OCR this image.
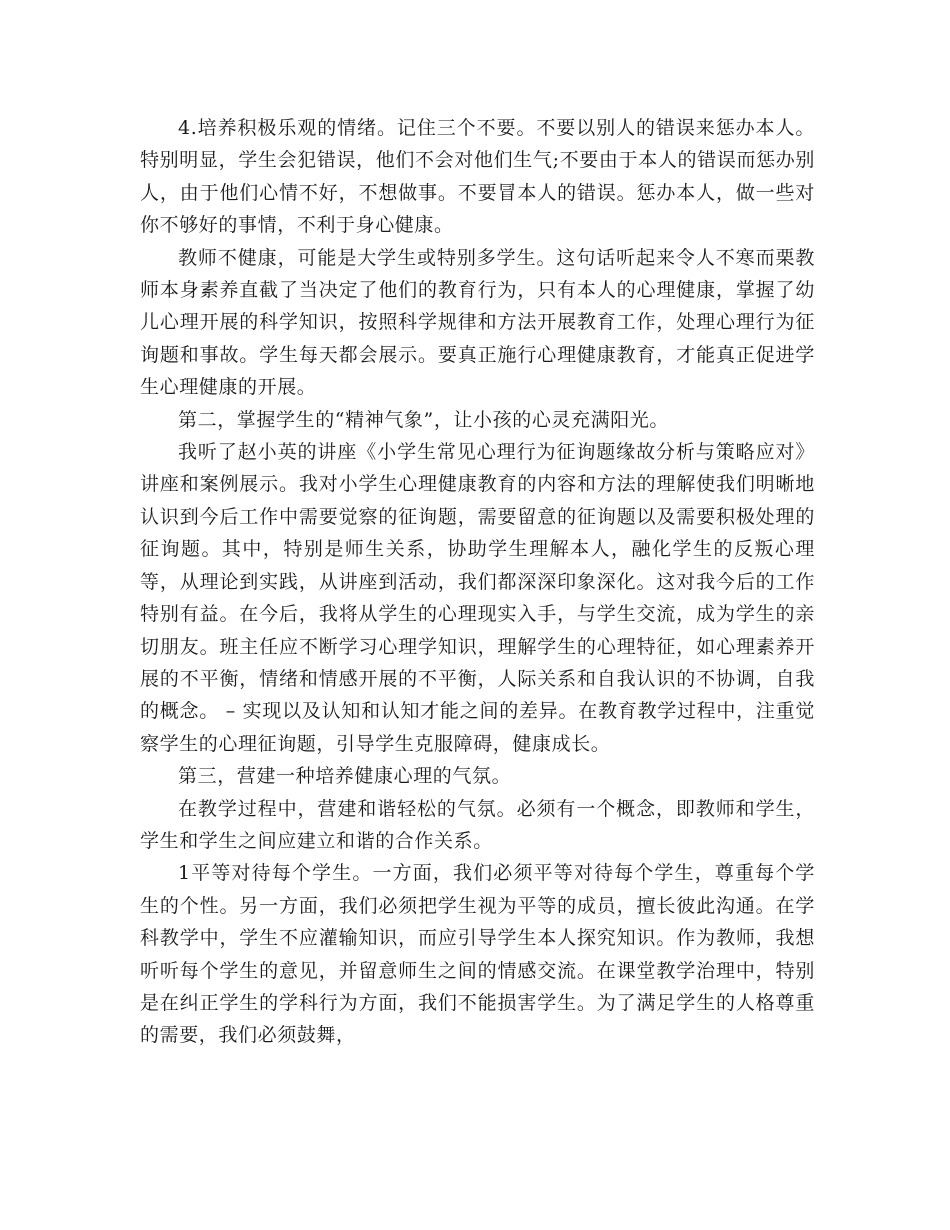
4.培养积极乐观的情绪。记住三个不要。不要以别人的错误来惩办本人。特别明显，学生会犯错误，他们不会对他们生气;不要由于本人的错误而惩办别人，由于他们心情不好，不想做事。不要冒本人的错误。惩办本人，做一些对你不够好的事情，不利于身心健康。

教师不健康，可能是大学生或特别多学生。这句话听起来令人不寒而栗教师本身素养直截了当决定了他们的教育行为，只有本人的心理健康，掌握了幼儿心理开展的科学知识，按照科学规律和方法开展教育工作，处理心理行为征询题和事故。学生每天都会展示。要真正施行心理健康教育，才能真正促进学生心理健康的开展。

第二，掌握学生的“精神气象”，让小孩的心灵充满阳光。

我听了赵小英的讲座《小学生常见心理行为征询题缘故分析与策略应对》讲座和案例展示。我对小学生心理健康教育的内容和方法的理解使我们明晰地认识到今后工作中需要觉察的征询题，需要留意的征询题以及需要积极处理的征询题。其中，特别是师生关系，协助学生理解本人，融化学生的反叛心理等，从理论到实践，从讲座到活动，我们都深深印象深化。这对我今后的工作特别有益。在今后，我将从学生的心理现实入手，与学生交流，成为学生的亲切朋友。班主任应不断学习心理学知识，理解学生的心理特征，如心理素养开展的不平衡，情绪和情感开展的不平衡，人际关系和自我认识的不协调，自我的概念。 – 实现以及认知和认知才能之间的差异。在教育教学过程中，注重觉察学生的心理征询题，引导学生克服障碍，健康成长。

第三，营建一种培养健康心理的气氛。

在教学过程中，营建和谐轻松的气氛。必须有一个概念，即教师和学生，学生和学生之间应建立和谐的合作关系。

1平等对待每个学生。一方面，我们必须平等对待每个学生，尊重每个学生的个性。另一方面，我们必须把学生视为平等的成员，擅长彼此沟通。在学科教学中，学生不应灌输知识，而应引导学生本人探究知识。作为教师，我想听听每个学生的意见，并留意师生之间的情感交流。在课堂教学治理中，特别是在纠正学生的学科行为方面，我们不能损害学生。为了满足学生的人格尊重的需要，我们必须鼓舞，
